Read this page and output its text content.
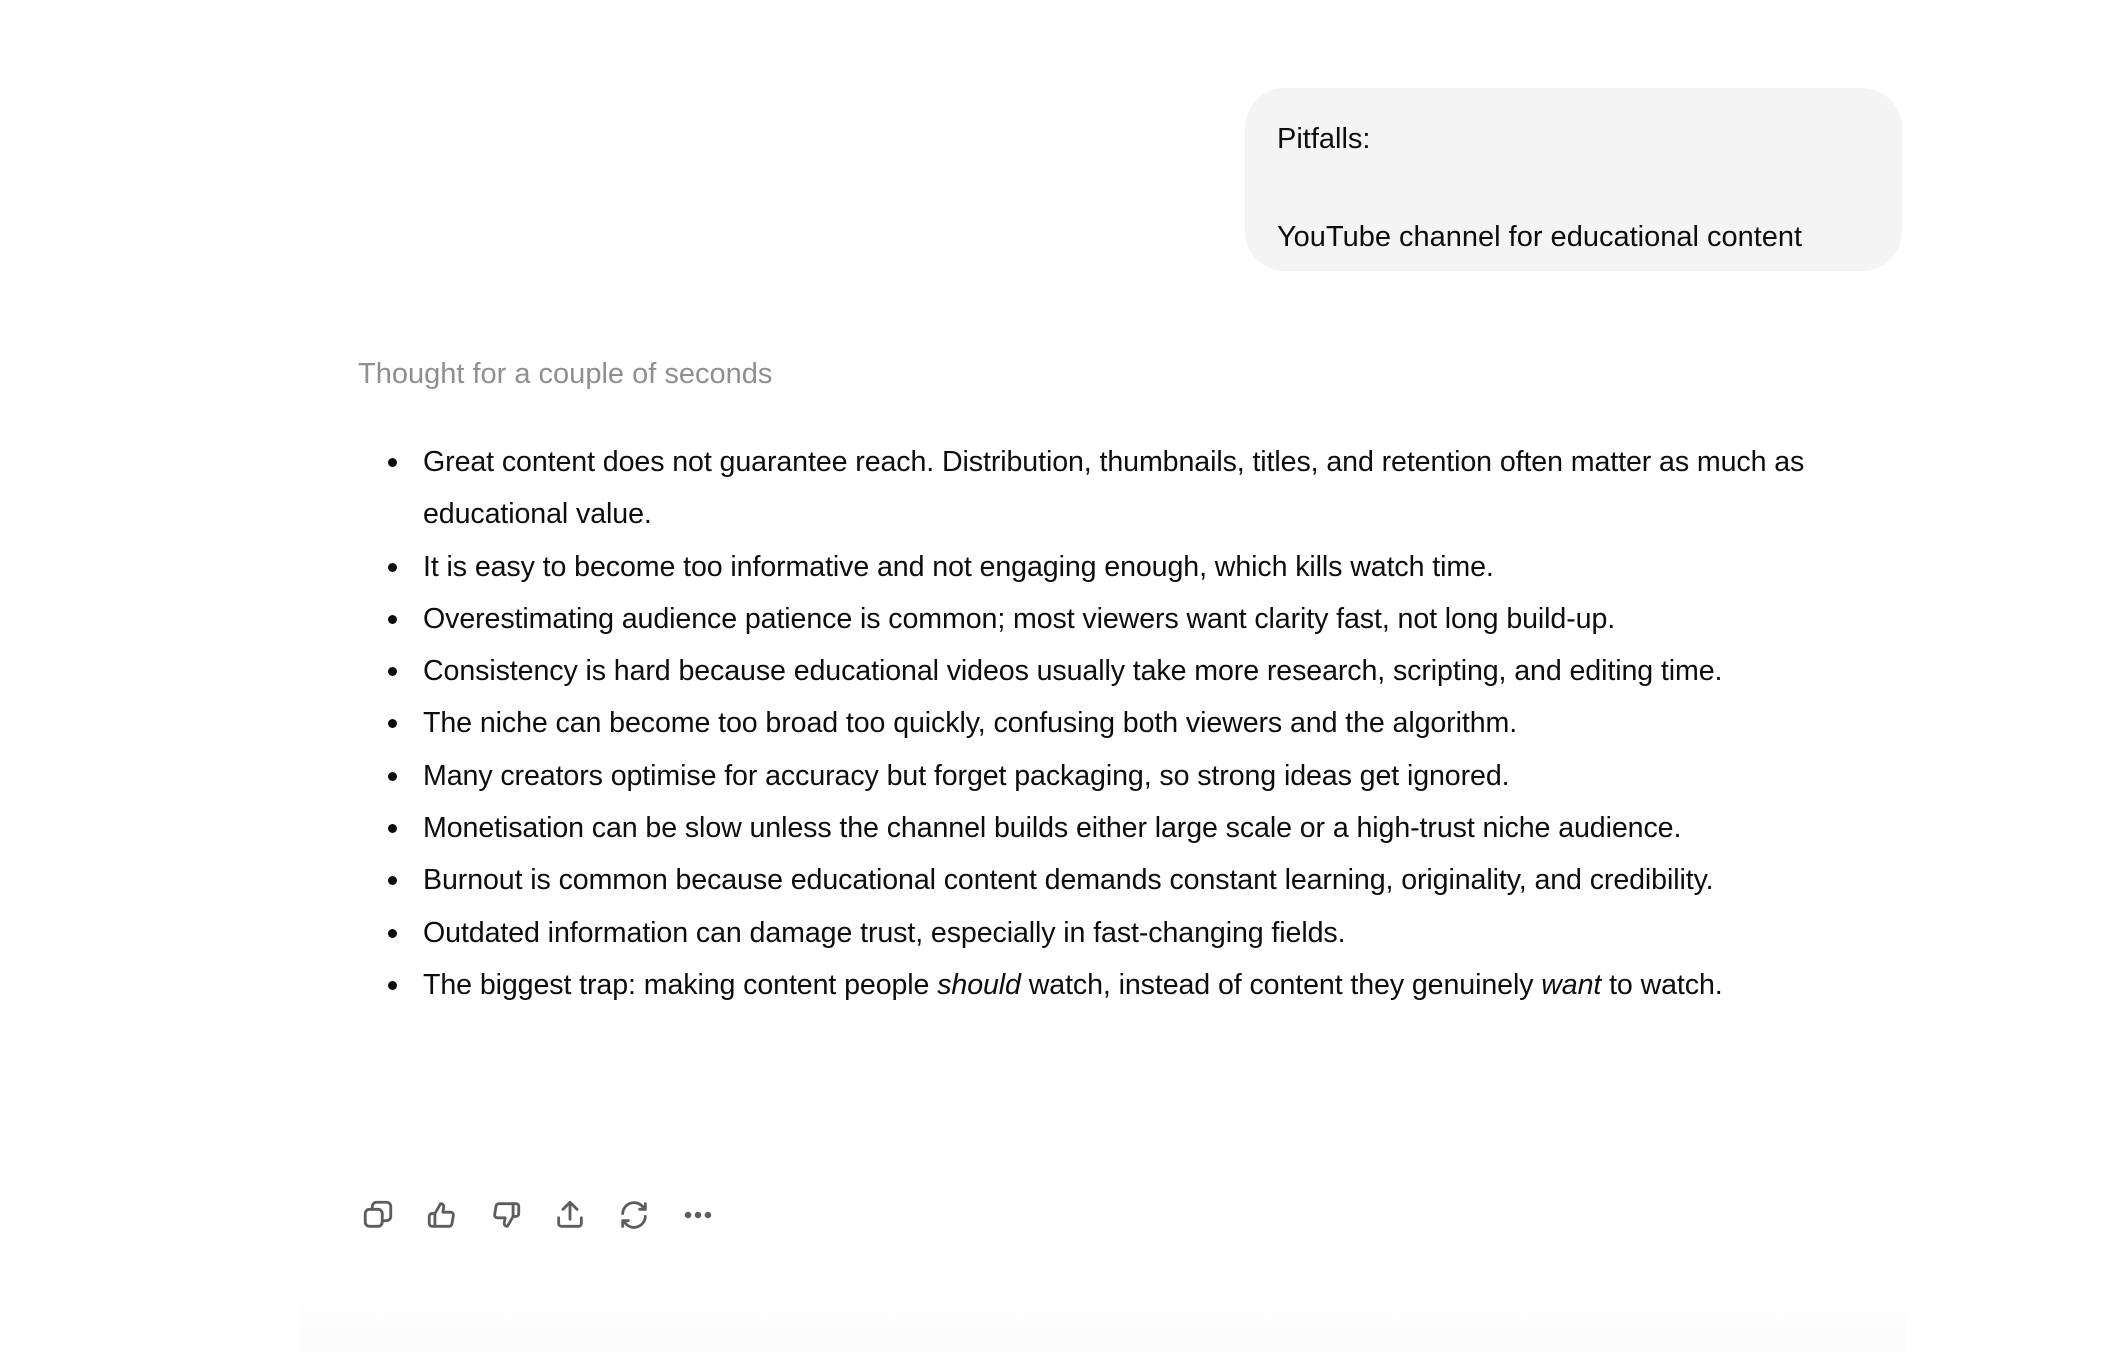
Pitfalls:

YouTube channel for educational content

Thought for a couple of seconds
Great content does not guarantee reach. Distribution, thumbnails, titles, and retention often matter as much as educational value.
It is easy to become too informative and not engaging enough, which kills watch time.
Overestimating audience patience is common; most viewers want clarity fast, not long build-up.
Consistency is hard because educational videos usually take more research, scripting, and editing time.
The niche can become too broad too quickly, confusing both viewers and the algorithm.
Many creators optimise for accuracy but forget packaging, so strong ideas get ignored.
Monetisation can be slow unless the channel builds either large scale or a high-trust niche audience.
Burnout is common because educational content demands constant learning, originality, and credibility.
Outdated information can damage trust, especially in fast-changing fields.
The biggest trap: making content people should watch, instead of content they genuinely want to watch.
